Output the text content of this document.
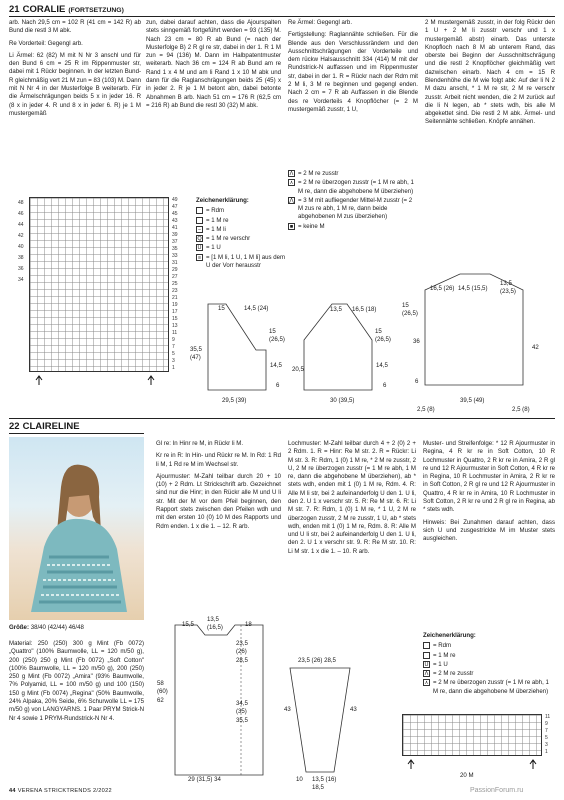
21 CORALIE (FORTSETZUNG)

arb. Nach 29,5 cm = 102 R (41 cm = 142 R) ab Bund die restl 3 M abk.

Re Vorderteil: Gegengl arb.

Li Ärmel: 62 (82) M mit N Nr 3 anschl und für den Bund 6 cm = 25 R im Rippenmuster str, dabei mit 1 Rückr beginnen. In der letzten Bund-R gleichmäßig vert 21 M zun = 83 (103) M. Dann mit N Nr 4 in der Musterfolge B weiterarb. Für die Ärmelschrägungen beids 5 x in jeder 16. R (8 x in jeder 4. R und 8 x in jeder 6. R) je 1 M mustergemäß

zun, dabei darauf achten, dass die Ajourspalten stets sinngemäß fortgeführt werden = 93 (135) M. Nach 23 cm = 80 R ab Bund (= nach der Musterfolge B) 2 R gl re str, dabei in der 1. R 1 M zun = 94 (136) M. Dann im Halbpatentmuster weiterarb. Nach 36 cm = 124 R ab Bund am re Rand 1 x 4 M und am li Rand 1 x 10 M abk und dann für die Raglanschrägungen beids 25 (45) x in jeder 2. R je 1 M betont abn, dabei betonte Abnahmen B arb. Nach 51 cm = 176 R (62,5 cm = 216 R) ab Bund die restl 30 (32) M abk.

Re Ärmel: Gegengl arb.

Fertigstellung: Raglannähte schließen. Für die Blende aus den Verschlussrändern und den Ausschnittschrägungen der Vorderteile und dem rückw Halsausschnitt 334 (414) M mit der Rundstrick-N auffassen und im Rippenmuster str, dabei in der 1. R = Rückr nach der Rdm mit 2 M li, 3 M re beginnen und gegengl enden. Nach 2 cm = 7 R ab Auffassen in die Blende des re Vorderteils 4 Knopflöcher (= 2 M mustergemäß zusstr, 1 U,

2 M mustergemäß zusstr, in der folg Rückr den 1 U + 2 M li zusstr verschr und 1 x mustergemäß abstr) einarb. Das unterste Knopfloch nach 8 M ab unterem Rand, das oberste bei Beginn der Ausschnittschrägung und die restl 2 Knopflöcher gleichmäßig vert dazwischen einarb. Nach 4 cm = 15 R Blendenhöhe die M wie folgt abk: Auf der li N 2 M dazu anschl, * 1 M re str, 2 M re verschr zusstr. Arbeit nicht wenden, die 2 M zurück auf die li N legen, ab * stets wdh, bis alle M abgekettet sind. Die restl 2 M abk. Ärmel- und Seitennähte schließen. Knöpfe annähen.

48
46
44
42
40
38
36
34
49
47
45
43
41
39
37
35
33
31
29
27
25
23
21
19
17
15
13
11
9
7
5
3
1
Zeichenerklärung:
= Rdm
= 1 M re
− = 1 M li
Q = 1 M re verschr
U = 1 U
≡ = [1 M li, 1 U, 1 M li] aus dem U der Vorr herausstr
Λ = 2 M re zusstr
⋏ = 2 M re überzogen zusstr (= 1 M re abh, 1 M re, dann die abgehobene M überziehen)
⋀ = 3 M mit aufliegender Mittel-M zusstr (= 2 M zus re abh, 1 M re, dann beide abgehobenen M zus überziehen)
■ = keine M
15	14,5 (24)
15 (26,5)
14,5
35,5 (47)
6
29,5 (39)
13,5 16,5 (18)
15 (26,5)
14,5
20,5
6
30 (39,5)
16,5 (26) 14,5 (15,5)
13,5 (23,5)
15 (26,5)
36
42
6
39,5 (49)
2,5 (8)	2,5 (8)
22 CLAIRELINE
Größe: 38/40 (42/44) 46/48

Material: 250 (250) 300 g Mint (Fb 0072) „Quattro" (100% Baumwolle, LL = 120 m/50 g), 200 (250) 250 g Mint (Fb 0072) „Soft Cotton" (100% Baumwolle, LL = 120 m/50 g), 200 (250) 250 g Mint (Fb 0072) „Amira" (93% Baumwolle, 7% Polyamid, LL = 100 m/50 g) und 100 (150) 150 g Mint (Fb 0074) „Regina" (50% Baumwolle, 24% Alpaka, 20% Seide, 6% Schurwolle LL = 175 m/50 g) von LANGYARNS. 1 Paar PRYM Strick-N Nr 4 sowie 1 PRYM-Rundstrick-N Nr 4.

Gl re: In Hinr re M, in Rückr li M.

Kr re in R: In Hin- und Rückr re M. In Rd: 1 Rd li M, 1 Rd re M im Wechsel str.

Ajourmuster: M-Zahl teilbar durch 20 + 10 (10) + 2 Rdm. Lt Strickschrift arb. Gezeichnet sind nur die Hinr; in den Rückr alle M und U li str. Mit der M vor dem Pfeil beginnen, den Rapport stets zwischen den Pfeilen wdh und mit den ersten 10 (0) 10 M des Rapports und Rdm enden. 1 x die 1. – 12. R arb.

Lochmuster: M-Zahl teilbar durch 4 + 2 (0) 2 + 2 Rdm. 1. R = Hinr: Re M str. 2. R = Rückr: Li M str. 3. R: Rdm, 1 (0) 1 M re, * 2 M re zusstr, 2 U, 2 M re überzogen zusstr (= 1 M re abh, 1 M re, dann die abgehobene M überziehen), ab * stets wdh, enden mit 1 (0) 1 M re, Rdm. 4. R: Alle M li str, bei 2 aufeinanderfolg U den 1. U li, den 2. U 1 x verschr str. 5. R: Re M str. 6. R: Li M str. 7. R: Rdm, 1 (0) 1 M re, * 1 U, 2 M re überzogen zusstr, 2 M re zusstr, 1 U, ab * stets wdh, enden mit 1 (0) 1 M re, Rdm. 8. R: Alle M und U li str, bei 2 aufeinanderfolg U den 1. U li, den 2. U 1 x verschr str. 9. R: Re M str. 10. R: Li M str. 1 x die 1. – 10. R arb.

Muster- und Streifenfolge: * 12 R Ajourmuster in Regina, 4 R kr re in Soft Cotton, 10 R Lochmuster in Quattro, 2 R kr re in Amira, 2 R gl re und 12 R Ajourmuster in Soft Cotton, 4 R kr re in Regina, 10 R Lochmuster in Amira, 2 R kr re in Soft Cotton, 2 R gl re und 12 R Ajourmuster in Quattro, 4 R kr re in Amira, 10 R Lochmuster in Soft Cotton, 2 R kr re und 2 R gl re in Regina, ab * stets wdh.

Hinweis: Bei Zunahmen darauf achten, dass sich U und zusgestrickte M im Muster stets ausgleichen.

15,5
13,5 (16,5)	18
23,5 (26) 28,5
34,5 (35) 35,5
58 (60) 62
29 (31,5) 34
23,5 (26) 28,5
43	43
10 13,5 (16) 18,5
Zeichenerklärung:
= Rdm
= 1 M re
U = 1 U
Λ = 2 M re zusstr
⋏ = 2 M re überzogen zusstr (= 1 M re abh, 1 M re, dann die abgehobene M überziehen)
11
9
7
5
3
1
20 M
44 VERENA STRICKTRENDS 2/2022	PassionForum.ru
